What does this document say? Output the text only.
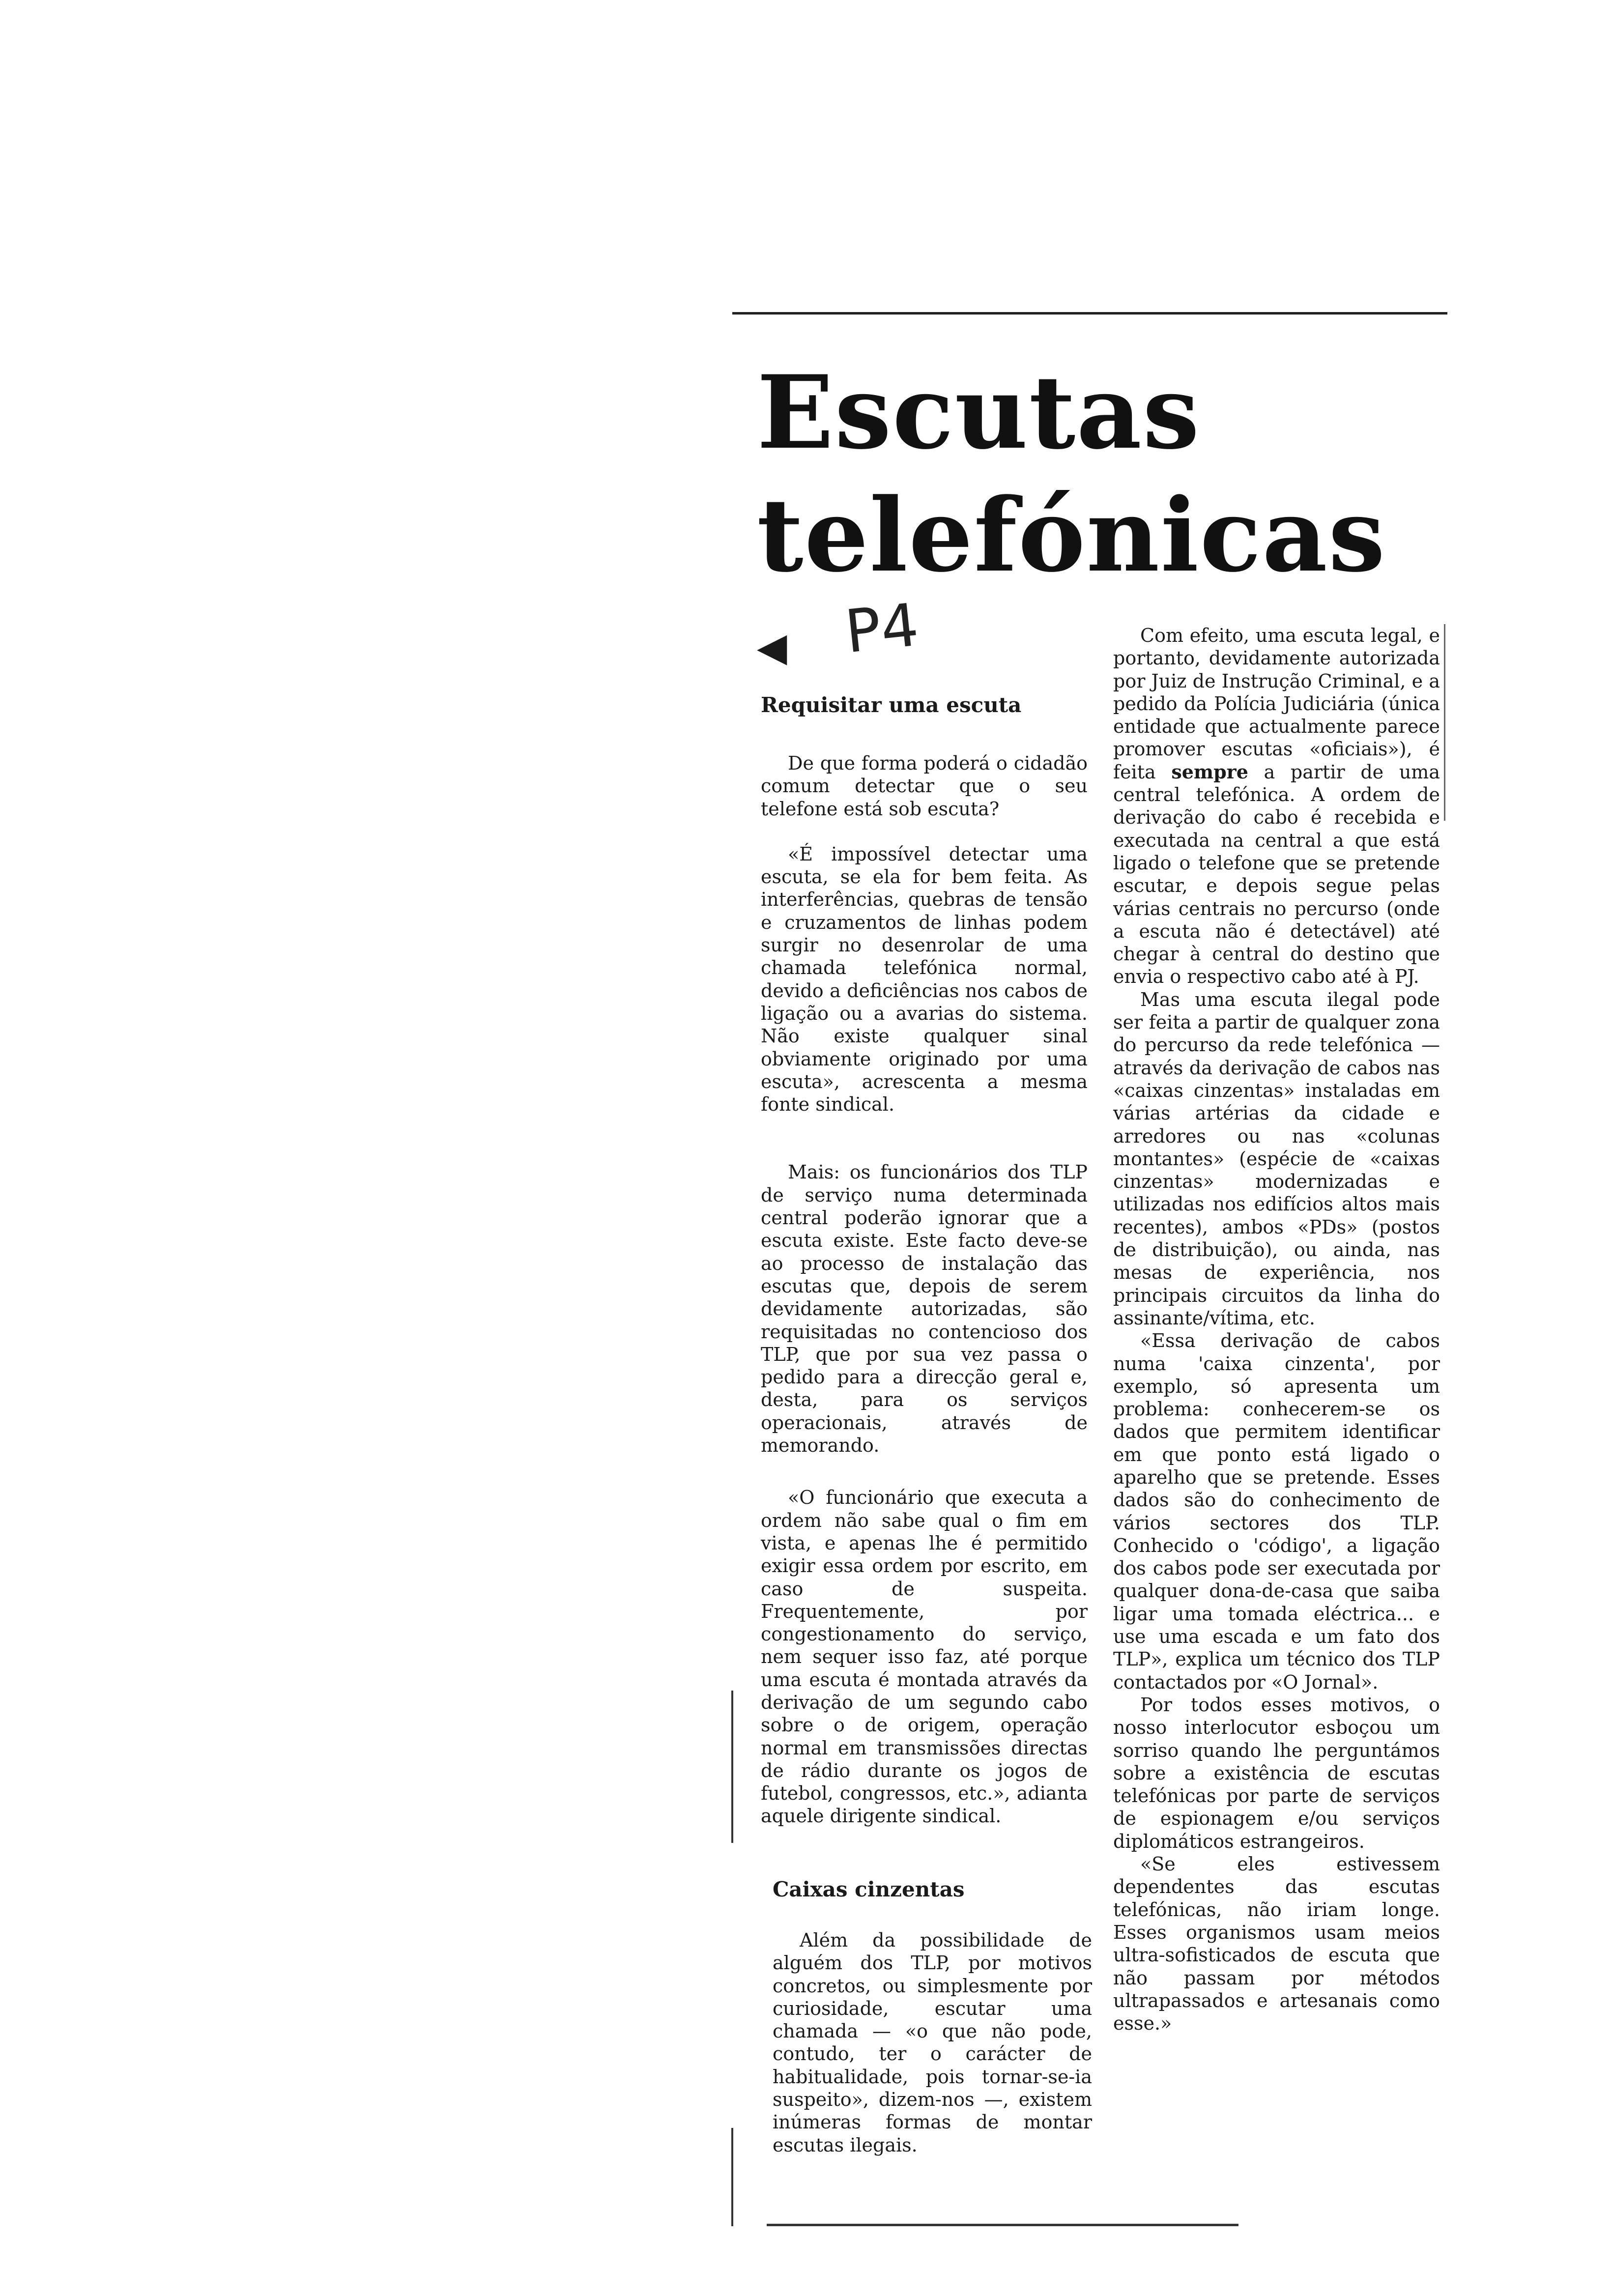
Escutas
telefónicas
◀ P4
Requisitar uma escuta

De que forma poderá o cidadão comum detectar que o seu telefone está sob escuta?

«É impossível detectar uma escuta, se ela for bem feita. As interferências, quebras de tensão e cruzamentos de linhas podem surgir no desenrolar de uma chamada telefónica normal, devido a deficiências nos cabos de ligação ou a avarias do sistema. Não existe qualquer sinal obviamente originado por uma escuta», acrescenta a mesma fonte sindical.

Mais: os funcionários dos TLP de serviço numa determinada central poderão ignorar que a escuta existe. Este facto deve-se ao processo de instalação das escutas que, depois de serem devidamente autorizadas, são requisitadas no contencioso dos TLP, que por sua vez passa o pedido para a direcção geral e, desta, para os serviços operacionais, através de memorando.

«O funcionário que executa a ordem não sabe qual o fim em vista, e apenas lhe é permitido exigir essa ordem por escrito, em caso de suspeita. Frequentemente, por congestionamento do serviço, nem sequer isso faz, até porque uma escuta é montada através da derivação de um segundo cabo sobre o de origem, operação normal em transmissões directas de rádio durante os jogos de futebol, congressos, etc.», adianta aquele dirigente sindical.

Caixas cinzentas

Além da possibilidade de alguém dos TLP, por motivos concretos, ou simplesmente por curiosidade, escutar uma chamada — «o que não pode, contudo, ter o carácter de habitualidade, pois tornar-se-ia suspeito», dizem-nos —, existem inúmeras formas de montar escutas ilegais.

Com efeito, uma escuta legal, e portanto, devidamente autorizada por Juiz de Instrução Criminal, e a pedido da Polícia Judiciária (única entidade que actualmente parece promover escutas «oficiais»), é feita sempre a partir de uma central telefónica. A ordem de derivação do cabo é recebida e executada na central a que está ligado o telefone que se pretende escutar, e depois segue pelas várias centrais no percurso (onde a escuta não é detectável) até chegar à central do destino que envia o respectivo cabo até à PJ.

Mas uma escuta ilegal pode ser feita a partir de qualquer zona do percurso da rede telefónica — através da derivação de cabos nas «caixas cinzentas» instaladas em várias artérias da cidade e arredores ou nas «colunas montantes» (espécie de «caixas cinzentas» modernizadas e utilizadas nos edifícios altos mais recentes), ambos «PDs» (postos de distribuição), ou ainda, nas mesas de experiência, nos principais circuitos da linha do assinante/vítima, etc.

«Essa derivação de cabos numa 'caixa cinzenta', por exemplo, só apresenta um problema: conhecerem-se os dados que permitem identificar em que ponto está ligado o aparelho que se pretende. Esses dados são do conhecimento de vários sectores dos TLP. Conhecido o 'código', a ligação dos cabos pode ser executada por qualquer dona-de-casa que saiba ligar uma tomada eléctrica... e use uma escada e um fato dos TLP», explica um técnico dos TLP contactados por «O Jornal».

Por todos esses motivos, o nosso interlocutor esboçou um sorriso quando lhe perguntámos sobre a existência de escutas telefónicas por parte de serviços de espionagem e/ou serviços diplomáticos estrangeiros.

«Se eles estivessem dependentes das escutas telefónicas, não iriam longe. Esses organismos usam meios ultra-sofisticados de escuta que não passam por métodos ultrapassados e artesanais como esse.»
